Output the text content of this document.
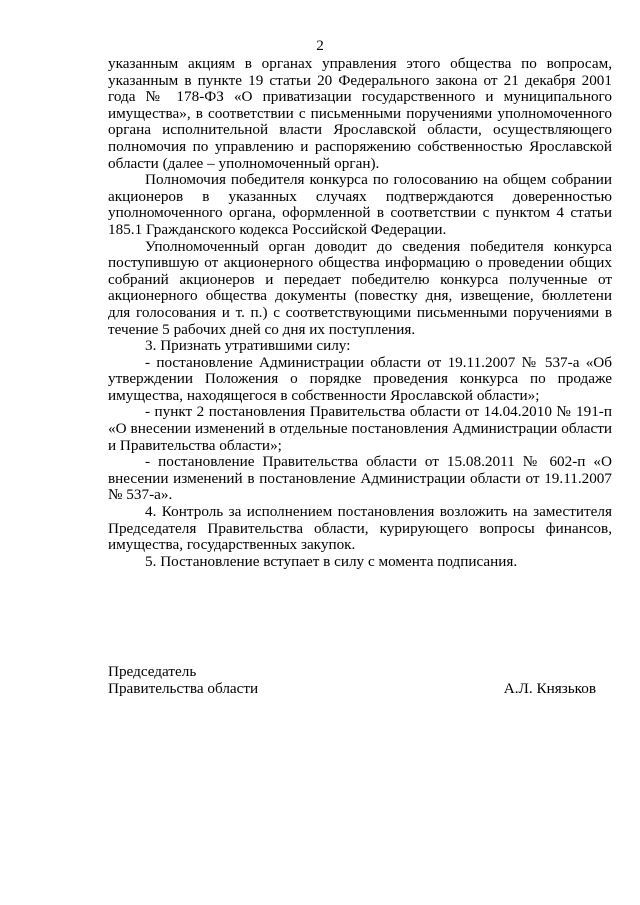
2

указанным акциям в органах управления этого общества по вопросам, указанным в пункте 19 статьи 20 Федерального закона от 21 декабря 2001 года № 178-ФЗ «О приватизации государственного и муниципального имущества», в соответствии с письменными поручениями уполномоченного органа исполнительной власти Ярославской области, осуществляющего полномочия по управлению и распоряжению собственностью Ярославской области (далее – уполномоченный орган).

Полномочия победителя конкурса по голосованию на общем собрании акционеров в указанных случаях подтверждаются доверенностью уполномоченного органа, оформленной в соответствии с пунктом 4 статьи 185.1 Гражданского кодекса Российской Федерации.

Уполномоченный орган доводит до сведения победителя конкурса поступившую от акционерного общества информацию о проведении общих собраний акционеров и передает победителю конкурса полученные от акционерного общества документы (повестку дня, извещение, бюллетени для голосования и т. п.) с соответствующими письменными поручениями в течение 5 рабочих дней со дня их поступления.

3. Признать утратившими силу:

- постановление Администрации области от 19.11.2007 № 537-а «Об утверждении Положения о порядке проведения конкурса по продаже имущества, находящегося в собственности Ярославской области»;

- пункт 2 постановления Правительства области от 14.04.2010 № 191-п «О внесении изменений в отдельные постановления Администрации области и Правительства области»;

- постановление Правительства области от 15.08.2011 № 602-п «О внесении изменений в постановление Администрации области от 19.11.2007 № 537-а».

4. Контроль за исполнением постановления возложить на заместителя Председателя Правительства области, курирующего вопросы финансов, имущества, государственных закупок.

5. Постановление вступает в силу с момента подписания.

Председатель

Правительства области	А.Л. Князьков
